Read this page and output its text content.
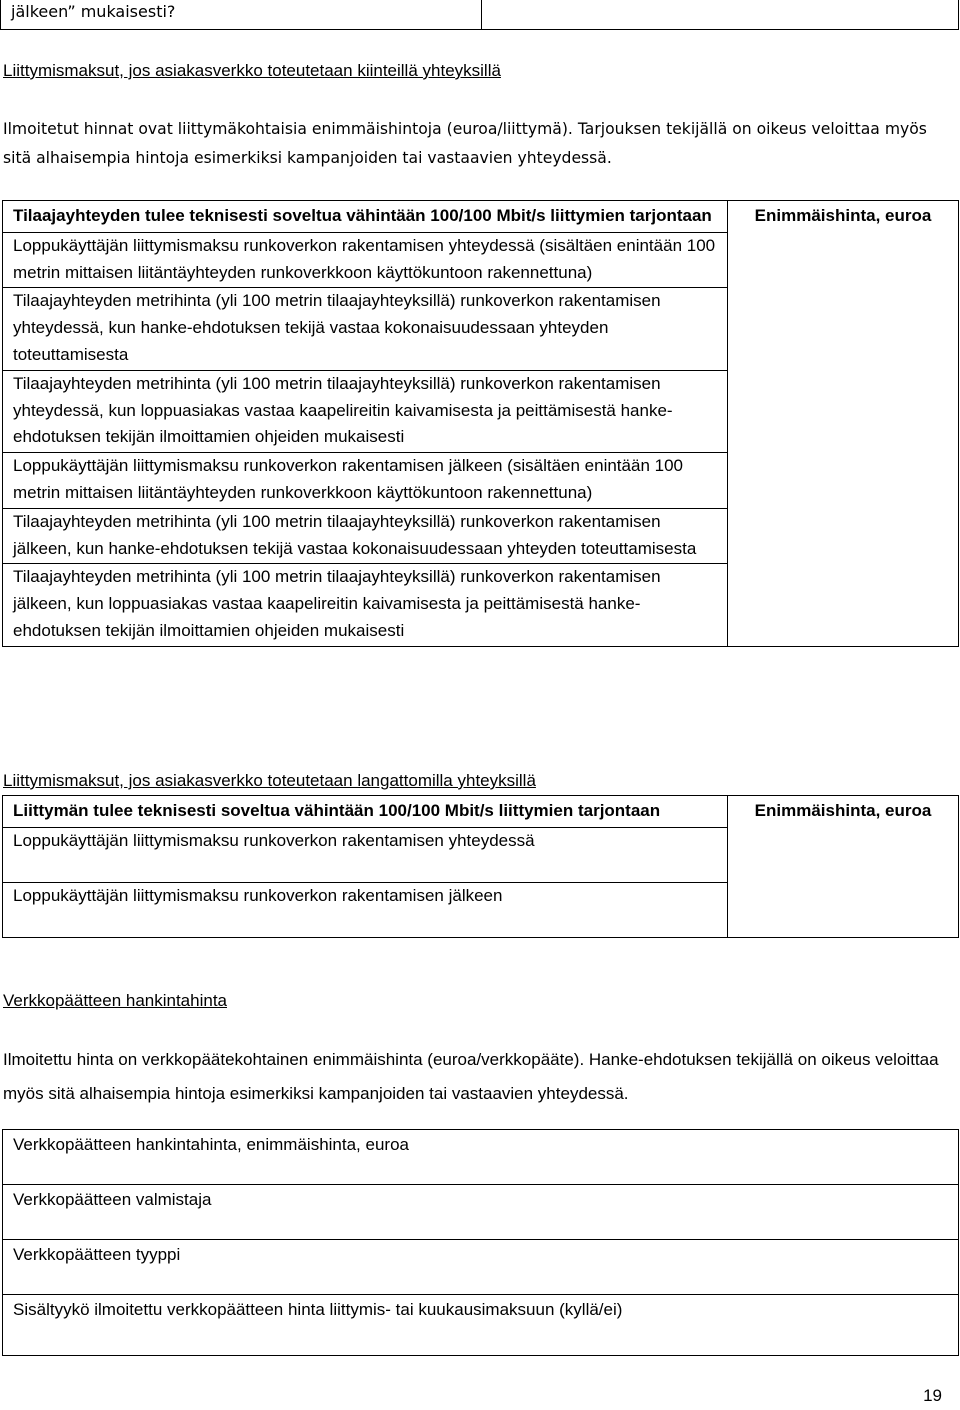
jälkeen” mukaisesti?	
Liittymismaksut, jos asiakasverkko toteutetaan kiinteillä yhteyksillä
Ilmoitetut hinnat ovat liittymäkohtaisia enimmäishintoja (euroa/liittymä). Tarjouksen tekijällä on oikeus veloittaa myös sitä alhaisempia hintoja esimerkiksi kampanjoiden tai vastaavien yhteydessä.
Tilaajayhteyden tulee teknisesti soveltua vähintään 100/100 Mbit/s liittymien tarjontaan	Enimmäishinta, euroa
Loppukäyttäjän liittymismaksu runkoverkon rakentamisen yhteydessä (sisältäen enintään 100 metrin mittaisen liitäntäyhteyden runkoverkkoon käyttökuntoon rakennettuna)
Tilaajayhteyden metrihinta (yli 100 metrin tilaajayhteyksillä) runkoverkon rakentamisen yhteydessä, kun hanke-ehdotuksen tekijä vastaa kokonaisuudessaan yhteyden toteuttamisesta
Tilaajayhteyden metrihinta (yli 100 metrin tilaajayhteyksillä) runkoverkon rakentamisen yhteydessä, kun loppuasiakas vastaa kaapelireitin kaivamisesta ja peittämisestä hanke-ehdotuksen tekijän ilmoittamien ohjeiden mukaisesti
Loppukäyttäjän liittymismaksu runkoverkon rakentamisen jälkeen (sisältäen enintään 100 metrin mittaisen liitäntäyhteyden runkoverkkoon käyttökuntoon rakennettuna)
Tilaajayhteyden metrihinta (yli 100 metrin tilaajayhteyksillä) runkoverkon rakentamisen jälkeen, kun hanke-ehdotuksen tekijä vastaa kokonaisuudessaan yhteyden toteuttamisesta
Tilaajayhteyden metrihinta (yli 100 metrin tilaajayhteyksillä) runkoverkon rakentamisen jälkeen, kun loppuasiakas vastaa kaapelireitin kaivamisesta ja peittämisestä hanke-ehdotuksen tekijän ilmoittamien ohjeiden mukaisesti
Liittymismaksut, jos asiakasverkko toteutetaan langattomilla yhteyksillä
Liittymän tulee teknisesti soveltua vähintään 100/100 Mbit/s liittymien tarjontaan	Enimmäishinta, euroa
Loppukäyttäjän liittymismaksu runkoverkon rakentamisen yhteydessä
Loppukäyttäjän liittymismaksu runkoverkon rakentamisen jälkeen
Verkkopäätteen hankintahinta
Ilmoitettu hinta on verkkopäätekohtainen enimmäishinta (euroa/verkkopääte). Hanke-ehdotuksen tekijällä on oikeus veloittaa myös sitä alhaisempia hintoja esimerkiksi kampanjoiden tai vastaavien yhteydessä.
Verkkopäätteen hankintahinta, enimmäishinta, euroa
Verkkopäätteen valmistaja
Verkkopäätteen tyyppi
Sisältyykö ilmoitettu verkkopäätteen hinta liittymis- tai kuukausimaksuun (kyllä/ei)
19
